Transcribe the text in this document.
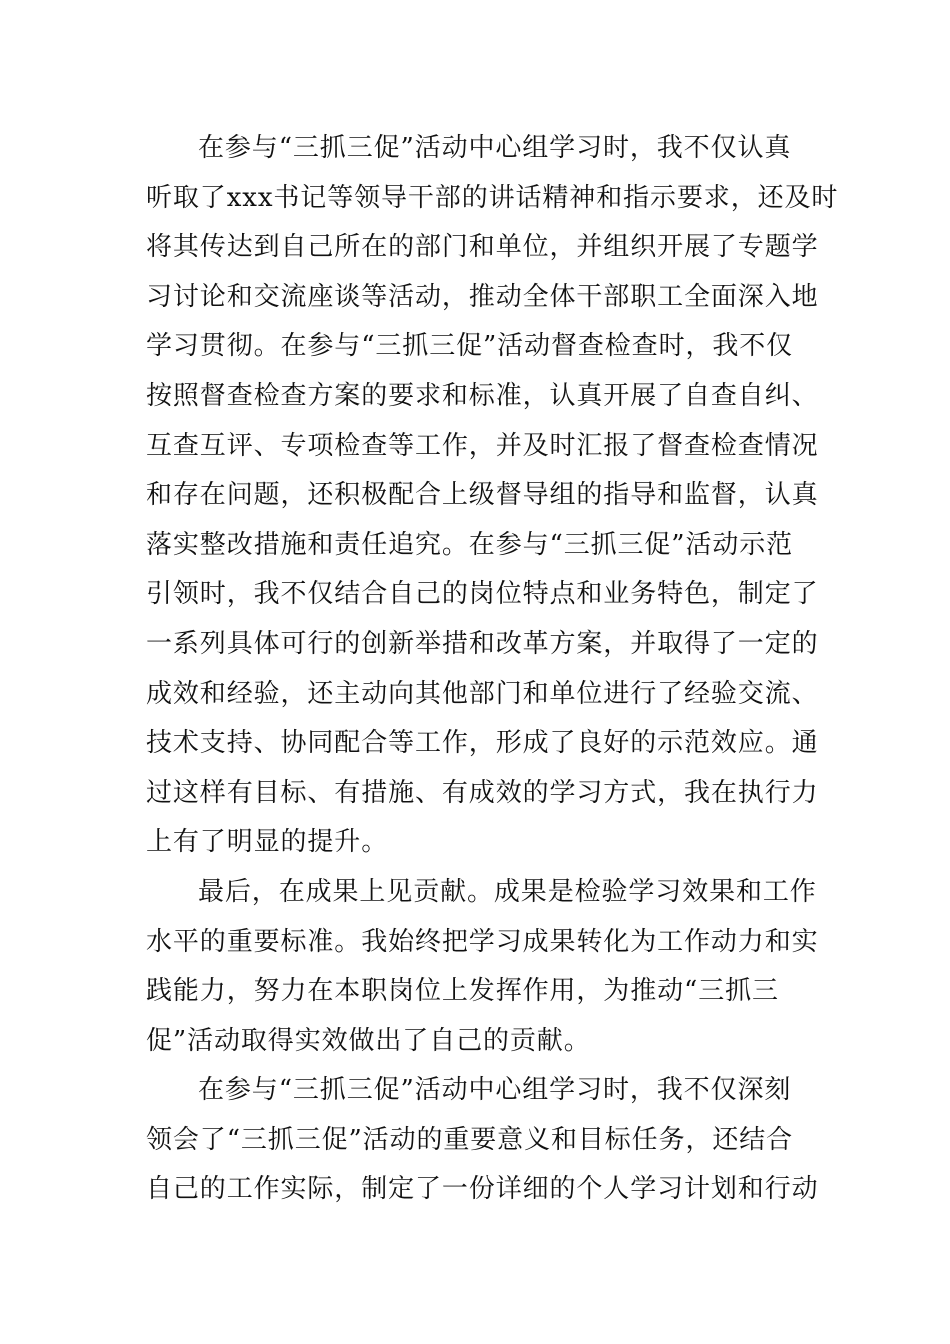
在参与“三抓三促”活动中心组学习时，我不仅认真
听取了xxx书记等领导干部的讲话精神和指示要求，还及时
将其传达到自己所在的部门和单位，并组织开展了专题学
习讨论和交流座谈等活动，推动全体干部职工全面深入地
学习贯彻。在参与“三抓三促”活动督查检查时，我不仅
按照督查检查方案的要求和标准，认真开展了自查自纠、
互查互评、专项检查等工作，并及时汇报了督查检查情况
和存在问题，还积极配合上级督导组的指导和监督，认真
落实整改措施和责任追究。在参与“三抓三促”活动示范
引领时，我不仅结合自己的岗位特点和业务特色，制定了
一系列具体可行的创新举措和改革方案，并取得了一定的
成效和经验，还主动向其他部门和单位进行了经验交流、
技术支持、协同配合等工作，形成了良好的示范效应。通
过这样有目标、有措施、有成效的学习方式，我在执行力
上有了明显的提升。
最后，在成果上见贡献。成果是检验学习效果和工作
水平的重要标准。我始终把学习成果转化为工作动力和实
践能力，努力在本职岗位上发挥作用，为推动“三抓三
促”活动取得实效做出了自己的贡献。
在参与“三抓三促”活动中心组学习时，我不仅深刻
领会了“三抓三促”活动的重要意义和目标任务，还结合
自己的工作实际，制定了一份详细的个人学习计划和行动
